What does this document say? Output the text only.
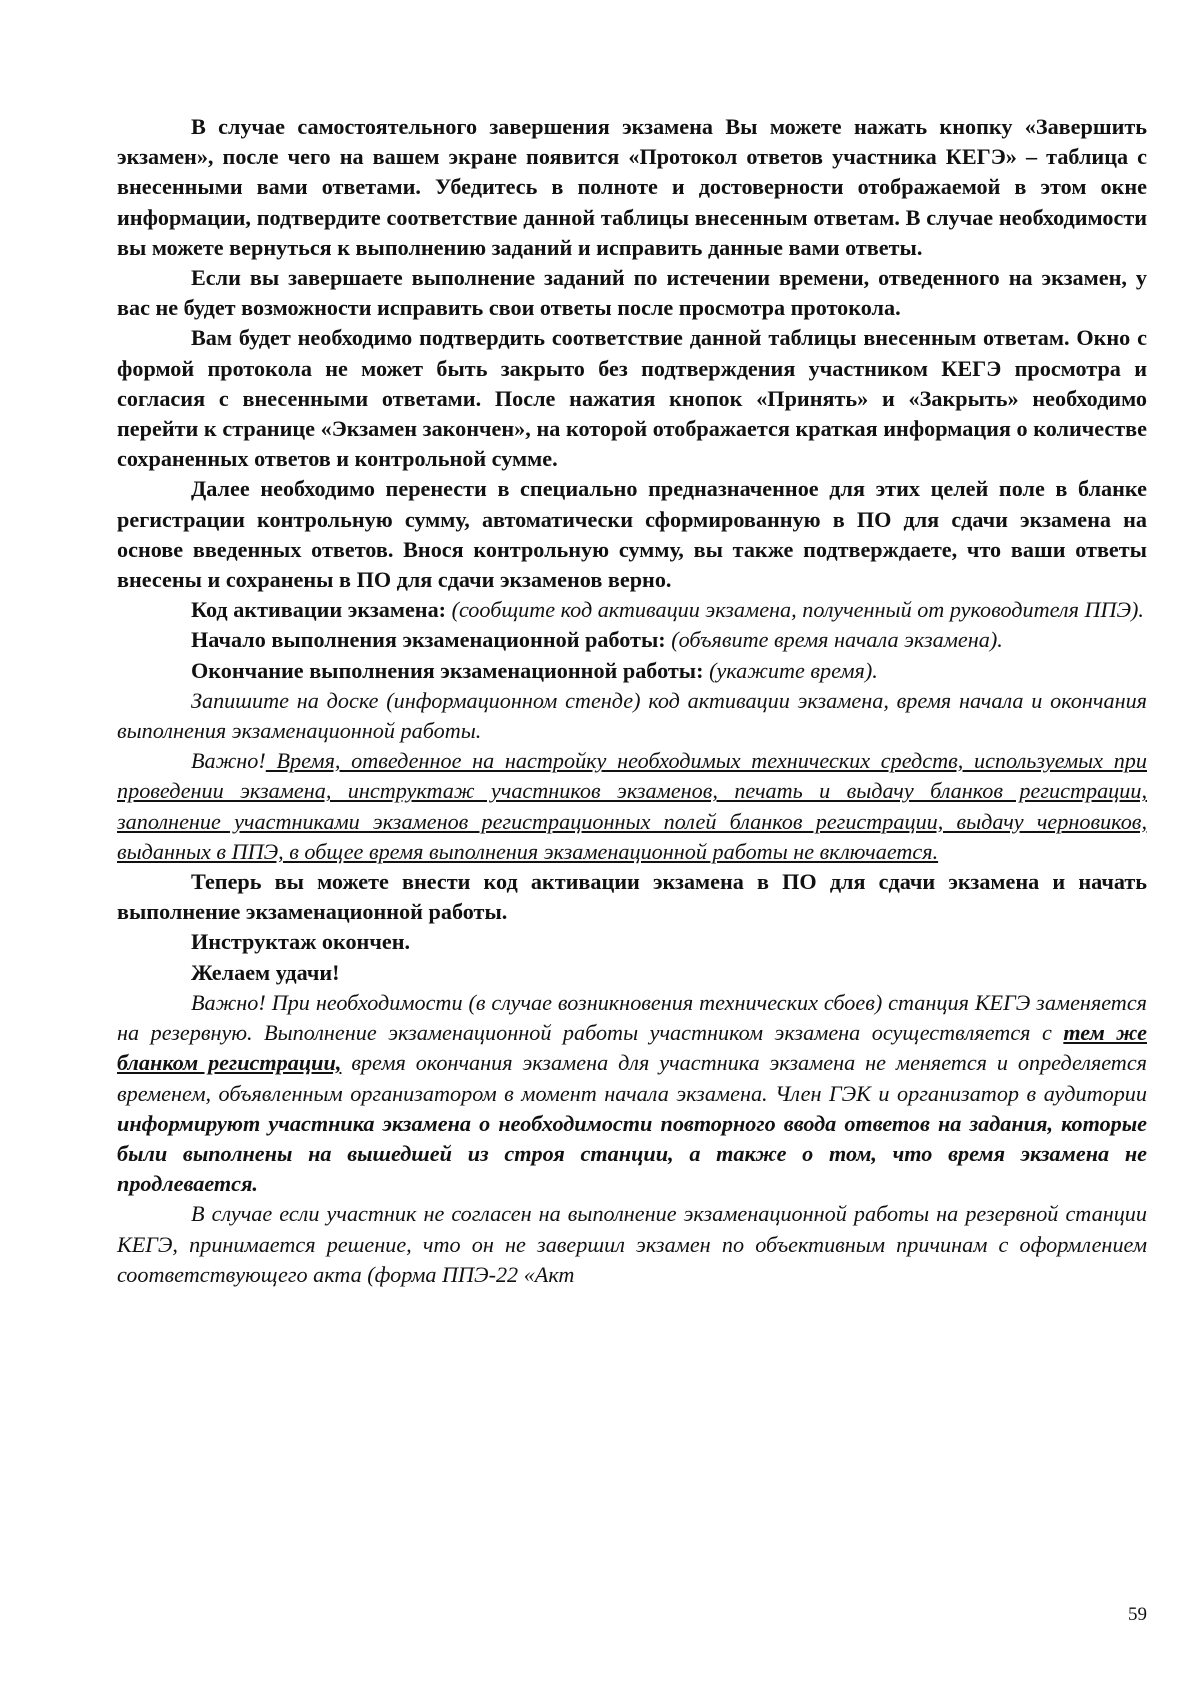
В случае самостоятельного завершения экзамена Вы можете нажать кнопку «Завершить экзамен», после чего на вашем экране появится «Протокол ответов участника КЕГЭ» – таблица с внесенными вами ответами. Убедитесь в полноте и достоверности отображаемой в этом окне информации, подтвердите соответствие данной таблицы внесенным ответам. В случае необходимости вы можете вернуться к выполнению заданий и исправить данные вами ответы.

Если вы завершаете выполнение заданий по истечении времени, отведенного на экзамен, у вас не будет возможности исправить свои ответы после просмотра протокола.

Вам будет необходимо подтвердить соответствие данной таблицы внесенным ответам. Окно с формой протокола не может быть закрыто без подтверждения участником КЕГЭ просмотра и согласия с внесенными ответами. После нажатия кнопок «Принять» и «Закрыть» необходимо перейти к странице «Экзамен закончен», на которой отображается краткая информация о количестве сохраненных ответов и контрольной сумме.

Далее необходимо перенести в специально предназначенное для этих целей поле в бланке регистрации контрольную сумму, автоматически сформированную в ПО для сдачи экзамена на основе введенных ответов. Внося контрольную сумму, вы также подтверждаете, что ваши ответы внесены и сохранены в ПО для сдачи экзаменов верно.

Код активации экзамена: (сообщите код активации экзамена, полученный от руководителя ППЭ).

Начало выполнения экзаменационной работы: (объявите время начала экзамена).

Окончание выполнения экзаменационной работы: (укажите время).

Запишите на доске (информационном стенде) код активации экзамена, время начала и окончания выполнения экзаменационной работы.

Важно! Время, отведенное на настройку необходимых технических средств, используемых при проведении экзамена, инструктаж участников экзаменов, печать и выдачу бланков регистрации, заполнение участниками экзаменов регистрационных полей бланков регистрации, выдачу черновиков, выданных в ППЭ, в общее время выполнения экзаменационной работы не включается.

Теперь вы можете внести код активации экзамена в ПО для сдачи экзамена и начать выполнение экзаменационной работы.

Инструктаж окончен.

Желаем удачи!

Важно! При необходимости (в случае возникновения технических сбоев) станция КЕГЭ заменяется на резервную. Выполнение экзаменационной работы участником экзамена осуществляется с тем же бланком регистрации, время окончания экзамена для участника экзамена не меняется и определяется временем, объявленным организатором в момент начала экзамена. Член ГЭК и организатор в аудитории информируют участника экзамена о необходимости повторного ввода ответов на задания, которые были выполнены на вышедшей из строя станции, а также о том, что время экзамена не продлевается.

В случае если участник не согласен на выполнение экзаменационной работы на резервной станции КЕГЭ, принимается решение, что он не завершил экзамен по объективным причинам с оформлением соответствующего акта (форма ППЭ-22 «Акт

59
